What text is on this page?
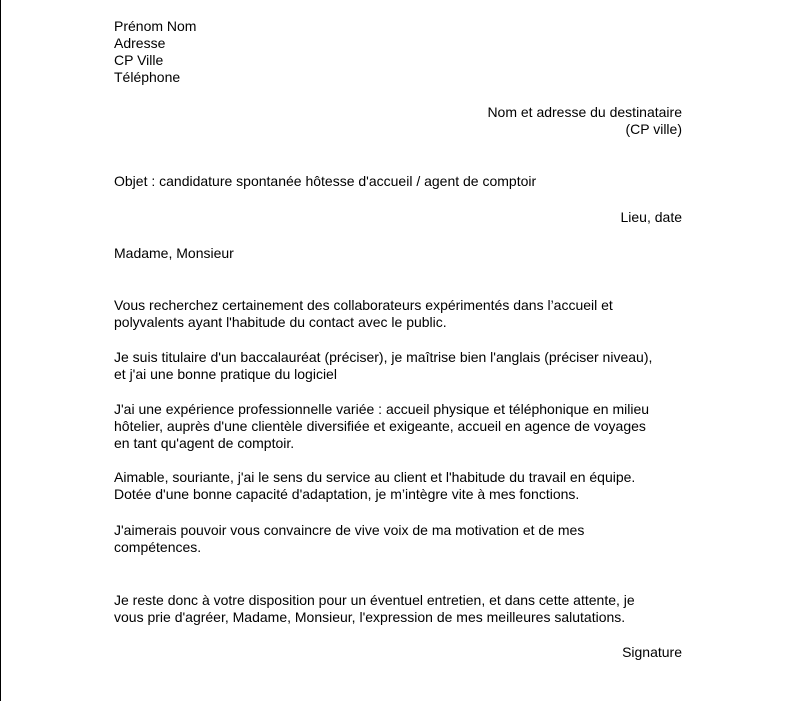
Prénom Nom
Adresse
CP Ville
Téléphone
Nom et adresse du destinataire
(CP ville)
Objet : candidature spontanée hôtesse d'accueil / agent de comptoir
Lieu, date
Madame, Monsieur
Vous recherchez certainement des collaborateurs expérimentés dans l’accueil et
polyvalents ayant l'habitude du contact avec le public.
Je suis titulaire d'un baccalauréat (préciser), je maîtrise bien l'anglais (préciser niveau),
et j'ai une bonne pratique du logiciel
J'ai une expérience professionnelle variée : accueil physique et téléphonique en milieu
hôtelier, auprès d'une clientèle diversifiée et exigeante, accueil en agence de voyages
en tant qu'agent de comptoir.
Aimable, souriante, j'ai le sens du service au client et l'habitude du travail en équipe.
Dotée d'une bonne capacité d'adaptation, je m’intègre vite à mes fonctions.
J'aimerais pouvoir vous convaincre de vive voix de ma motivation et de mes
compétences.
Je reste donc à votre disposition pour un éventuel entretien, et dans cette attente, je
vous prie d'agréer, Madame, Monsieur, l'expression de mes meilleures salutations.
Signature
